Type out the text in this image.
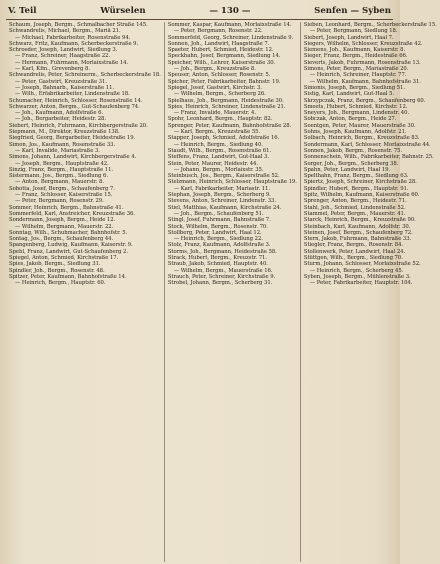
V. Teil	Würselen	— 130 —	Senfen — Syben
Schaum, Joseph, Bergm., Schmalbacher Straße 145.
Schwandrelis, Michael, Bergm., Mariä 21.
— Michael, Fabrikarbeiter, Rosenstraße 94.
Schwarz, Fritz, Kaufmann, Scherbeckerstraße 9.
Schroeder, Joseph, Landwirt, Siedlung 3.
— Franz, Schreiner, Haagstraße 22.
— Hermann, Fuhrmann, Morlaixstraße 14.
— Karl, Kfm., Grevenberg 8.
Schwandrelis, Peter, Schreinerm., Scherbeckerstraße 18.
— Peter, Gastwirt, Kreuzstraße 31.
— Joseph, Bahnarb., Kaiserstraße 11.
— Wilh., Erfabrikarbeiter, Lindenstraße 18.
Schumacher, Heinrich, Schlosser, Rosenstraße 14.
Schwarzer, Anton, Bergm., Gut-Schaufenberg 74.
— Joh., Kaufmann, Adolfstraße 6.
— Joh., Bergarbeiter, Heidestr. 28.
Siebert, Heinrich, Fuhrmann, Kirchbergerstraße 20.
Siepmann, M., Direktor, Kreuzstraße 138.
Siegfried, Georg, Bergarbeiter, Heidestraße 19.
Simon, Jos., Kaufmann, Rosenstraße 33.
— Karl, Invalide, Mariastraße 3.
Simons, Johann, Landwirt, Kirchbergerstraße 4.
— Joseph, Bergm., Hauptstraße 42.
Sinzig, Franz, Bergm., Hauptstraße 11.
Sistermann, Jos., Bergm., Siedlung 6.
— Anton, Bergmann, Mauerstr. 8.
Sobotta, Josef, Bergm., Schaufenberg 7.
— Franz, Schlosser, Kaiserstraße 15.
— Peter, Bergmann, Rosenstr. 29.
Sommer, Heinrich, Bergm., Bahnstraße 41.
Sommerfeld, Karl, Anstreicher, Kreuzstraße 36.
Sondermann, Joseph, Bergm., Heide 12.
— Wilhelm, Bergmann, Mauerstr. 22.
Sonntag, Wilh., Schuhmacher, Bahnhofstr. 5.
Sontag, Jos., Bergm., Schaufenberg 44.
Spangenberg, Ludwig, Kaufmann, Kaiserstr. 9.
Spehl, Franz, Landwirt, Gut-Schaufenberg 2.
Spiegel, Anton, Schmied, Kirchstraße 17.
Spies, Jakob, Bergm., Siedlung 31.
Spindler, Joh., Bergm., Rosenstr. 48.
Spitzer, Peter, Kaufmann, Bahnhofstraße 14.
— Heinrich, Bergm., Hauptstr. 60.
Sommer, Kaspar, Kaufmann, Morlaixstraße 14.
— Peter, Bergmann, Rosenstr. 22.
Sommerfeld, Georg, Schreiner, Lindenstraße 9.
Sonnen, Joh., Landwirt, Haagstraße 7.
Spaeter, Hubert, Schmied, Heidestr. 12.
Speckhahn, Josef, Bergmann, Siedlung 14.
Speicher, Wilh., Lehrer, Kaiserstraße 30.
— Joh., Bergm., Kreuzstraße 8.
Speuser, Anton, Schlosser, Rosenstr. 5.
Spicher, Peter, Fabrikarbeiter, Bahnstr. 19.
Spiegel, Josef, Gastwirt, Kirchstr. 3.
— Wilhelm, Bergm., Scherberg 26.
Spielhaus, Joh., Bergmann, Heidestraße 30.
Spies, Heinrich, Schreiner, Lindenstraße 21.
— Franz, Invalide, Mauerstr. 4.
Spohr, Leonhard, Bergm., Hauptstr. 82.
Sprenger, Peter, Kaufmann, Bahnhofstraße 28.
— Karl, Bergm., Kreuzstraße 55.
Stapper, Joseph, Schmied, Adolfstraße 16.
— Heinrich, Bergm., Siedlung 40.
Staudt, Wilh., Bergm., Rosenstraße 61.
Steffens, Franz, Landwirt, Gut-Haal 3.
Stein, Peter, Maurer, Heidestr. 44.
— Johann, Bergm., Morlaixstr. 35.
Steinbusch, Jos., Bergm., Kaiserstraße 52.
Stelzmann, Heinrich, Schlosser, Hauptstraße 19.
— Karl, Fabrikarbeiter, Mariastr. 11.
Stephan, Joseph, Bergm., Scherberg 9.
Stevens, Anton, Schreiner, Lindenstr. 33.
Stiel, Matthias, Kaufmann, Kirchstraße 24.
— Joh., Bergm., Schaufenberg 51.
Stingl, Josef, Fuhrmann, Bahnstraße 7.
Stock, Wilhelm, Bergm., Rosenstr. 70.
Stollberg, Peter, Landwirt, Haal 12.
— Heinrich, Bergm., Siedlung 22.
Stolz, Franz, Kaufmann, Adolfstraße 3.
Storms, Joh., Bergmann, Heidestraße 58.
Strack, Hubert, Bergm., Kreuzstr. 71.
Straub, Jakob, Schmied, Hauptstr. 40.
— Wilhelm, Bergm., Mauerstraße 16.
Strauch, Peter, Schreiner, Kirchstraße 9.
Strobel, Johann, Bergm., Scherberg 31.
Sieben, Leonhard, Bergm., Scherbeckerstraße 15.
— Peter, Bergmann, Siedlung 18.
Siebert, Joseph, Landwirt, Haal 7.
Siegers, Wilhelm, Schlosser, Kreuzstraße 42.
Siemens, Joh., Kaufmann, Kaiserstr. 8.
Sieger, Franz, Bergm., Heidestraße 66.
Sieverts, Jakob, Fuhrmann, Rosenstraße 13.
Simons, Peter, Bergm., Mariastraße 20.
— Heinrich, Schreiner, Hauptstr. 77.
— Wilhelm, Kaufmann, Bahnhofstraße 31.
Simonis, Joseph, Bergm., Siedlung 51.
Sistig, Karl, Landwirt, Gut-Haal 5.
Skrzypczak, Franz, Bergm., Schaufenberg 60.
Smeets, Hubert, Schmied, Kirchstr. 12.
Sneyers, Joh., Bergmann, Lindenstr. 40.
Sobczak, Anton, Bergm., Heide 27.
Soentgen, Peter, Maurer, Mauerstraße 30.
Sohns, Joseph, Kaufmann, Adolfstr. 21.
Solbach, Heinrich, Bergm., Kreuzstraße 83.
Sondermann, Karl, Schlosser, Morlaixstraße 44.
Sonnen, Jakob, Bergm., Rosenstr. 75.
Sonnenschein, Wilh., Fabrikarbeiter, Bahnstr. 25.
Sorger, Joh., Bergm., Scherberg 38.
Spahn, Peter, Landwirt, Haal 19.
Spelthahn, Franz, Bergm., Siedlung 63.
Spiertz, Joseph, Schreiner, Kirchstraße 28.
Spindler, Hubert, Bergm., Hauptstr. 91.
Spitz, Wilhelm, Kaufmann, Kaiserstraße 60.
Sprenger, Anton, Bergm., Heidestr. 71.
Stahl, Joh., Schmied, Lindenstraße 52.
Stammel, Peter, Bergm., Mauerstr. 41.
Starck, Heinrich, Bergm., Kreuzstraße 90.
Steinbach, Karl, Kaufmann, Adolfstr. 30.
Steinen, Josef, Bergm., Schaufenberg 72.
Stern, Jakob, Fuhrmann, Bahnstraße 33.
Stiegler, Franz, Bergm., Rosenstr. 84.
Stollenwerk, Peter, Landwirt, Haal 24.
Stüttgen, Wilh., Bergm., Siedlung 70.
Sturm, Johann, Schlosser, Morlaixstraße 52.
— Heinrich, Bergm., Scherberg 45.
Syben, Joseph, Bergm., Mühlenstraße 3.
— Peter, Fabrikarbeiter, Hauptstr. 104.
